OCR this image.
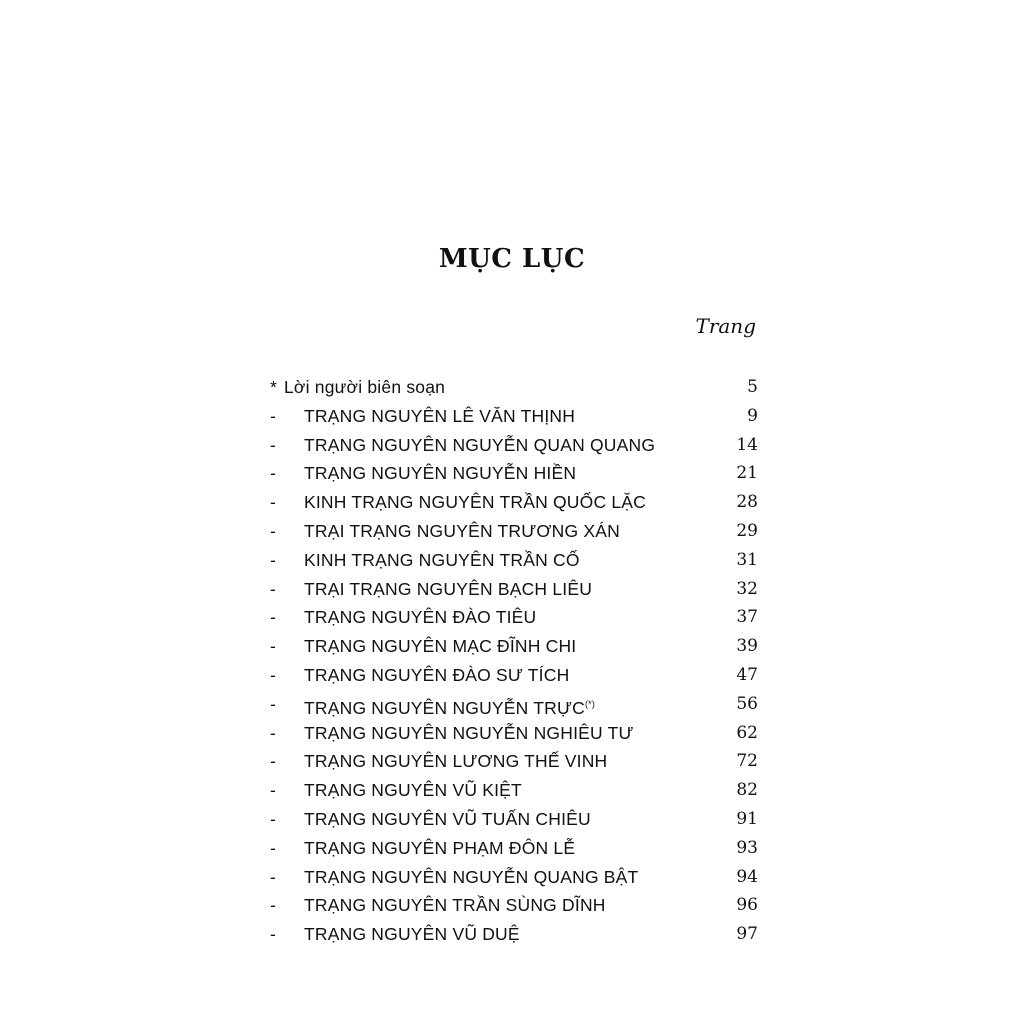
MỤC LỤC
Trang
* Lời người biên soạn	5
- TRẠNG NGUYÊN LÊ VĂN THỊNH	9
- TRẠNG NGUYÊN NGUYỄN QUAN QUANG	14
- TRẠNG NGUYÊN NGUYỄN HIỀN	21
- KINH TRẠNG NGUYÊN TRẦN QUỐC LẶC	28
- TRẠI TRẠNG NGUYÊN TRƯƠNG XÁN	29
- KINH TRẠNG NGUYÊN TRẦN CỐ	31
- TRẠI TRẠNG NGUYÊN BẠCH LIÊU	32
- TRẠNG NGUYÊN ĐÀO TIÊU	37
- TRẠNG NGUYÊN MẠC ĐĨNH CHI	39
- TRẠNG NGUYÊN ĐÀO SƯ TÍCH	47
- TRẠNG NGUYÊN NGUYỄN TRỰC(*)	56
- TRẠNG NGUYÊN NGUYỄN NGHIÊU TƯ	62
- TRẠNG NGUYÊN LƯƠNG THẾ VINH	72
- TRẠNG NGUYÊN VŨ KIỆT	82
- TRẠNG NGUYÊN VŨ TUẤN CHIÊU	91
- TRẠNG NGUYÊN PHẠM ĐÔN LỄ	93
- TRẠNG NGUYÊN NGUYỄN QUANG BẬT	94
- TRẠNG NGUYÊN TRẦN SÙNG DĨNH	96
- TRẠNG NGUYÊN VŨ DUỆ	97
